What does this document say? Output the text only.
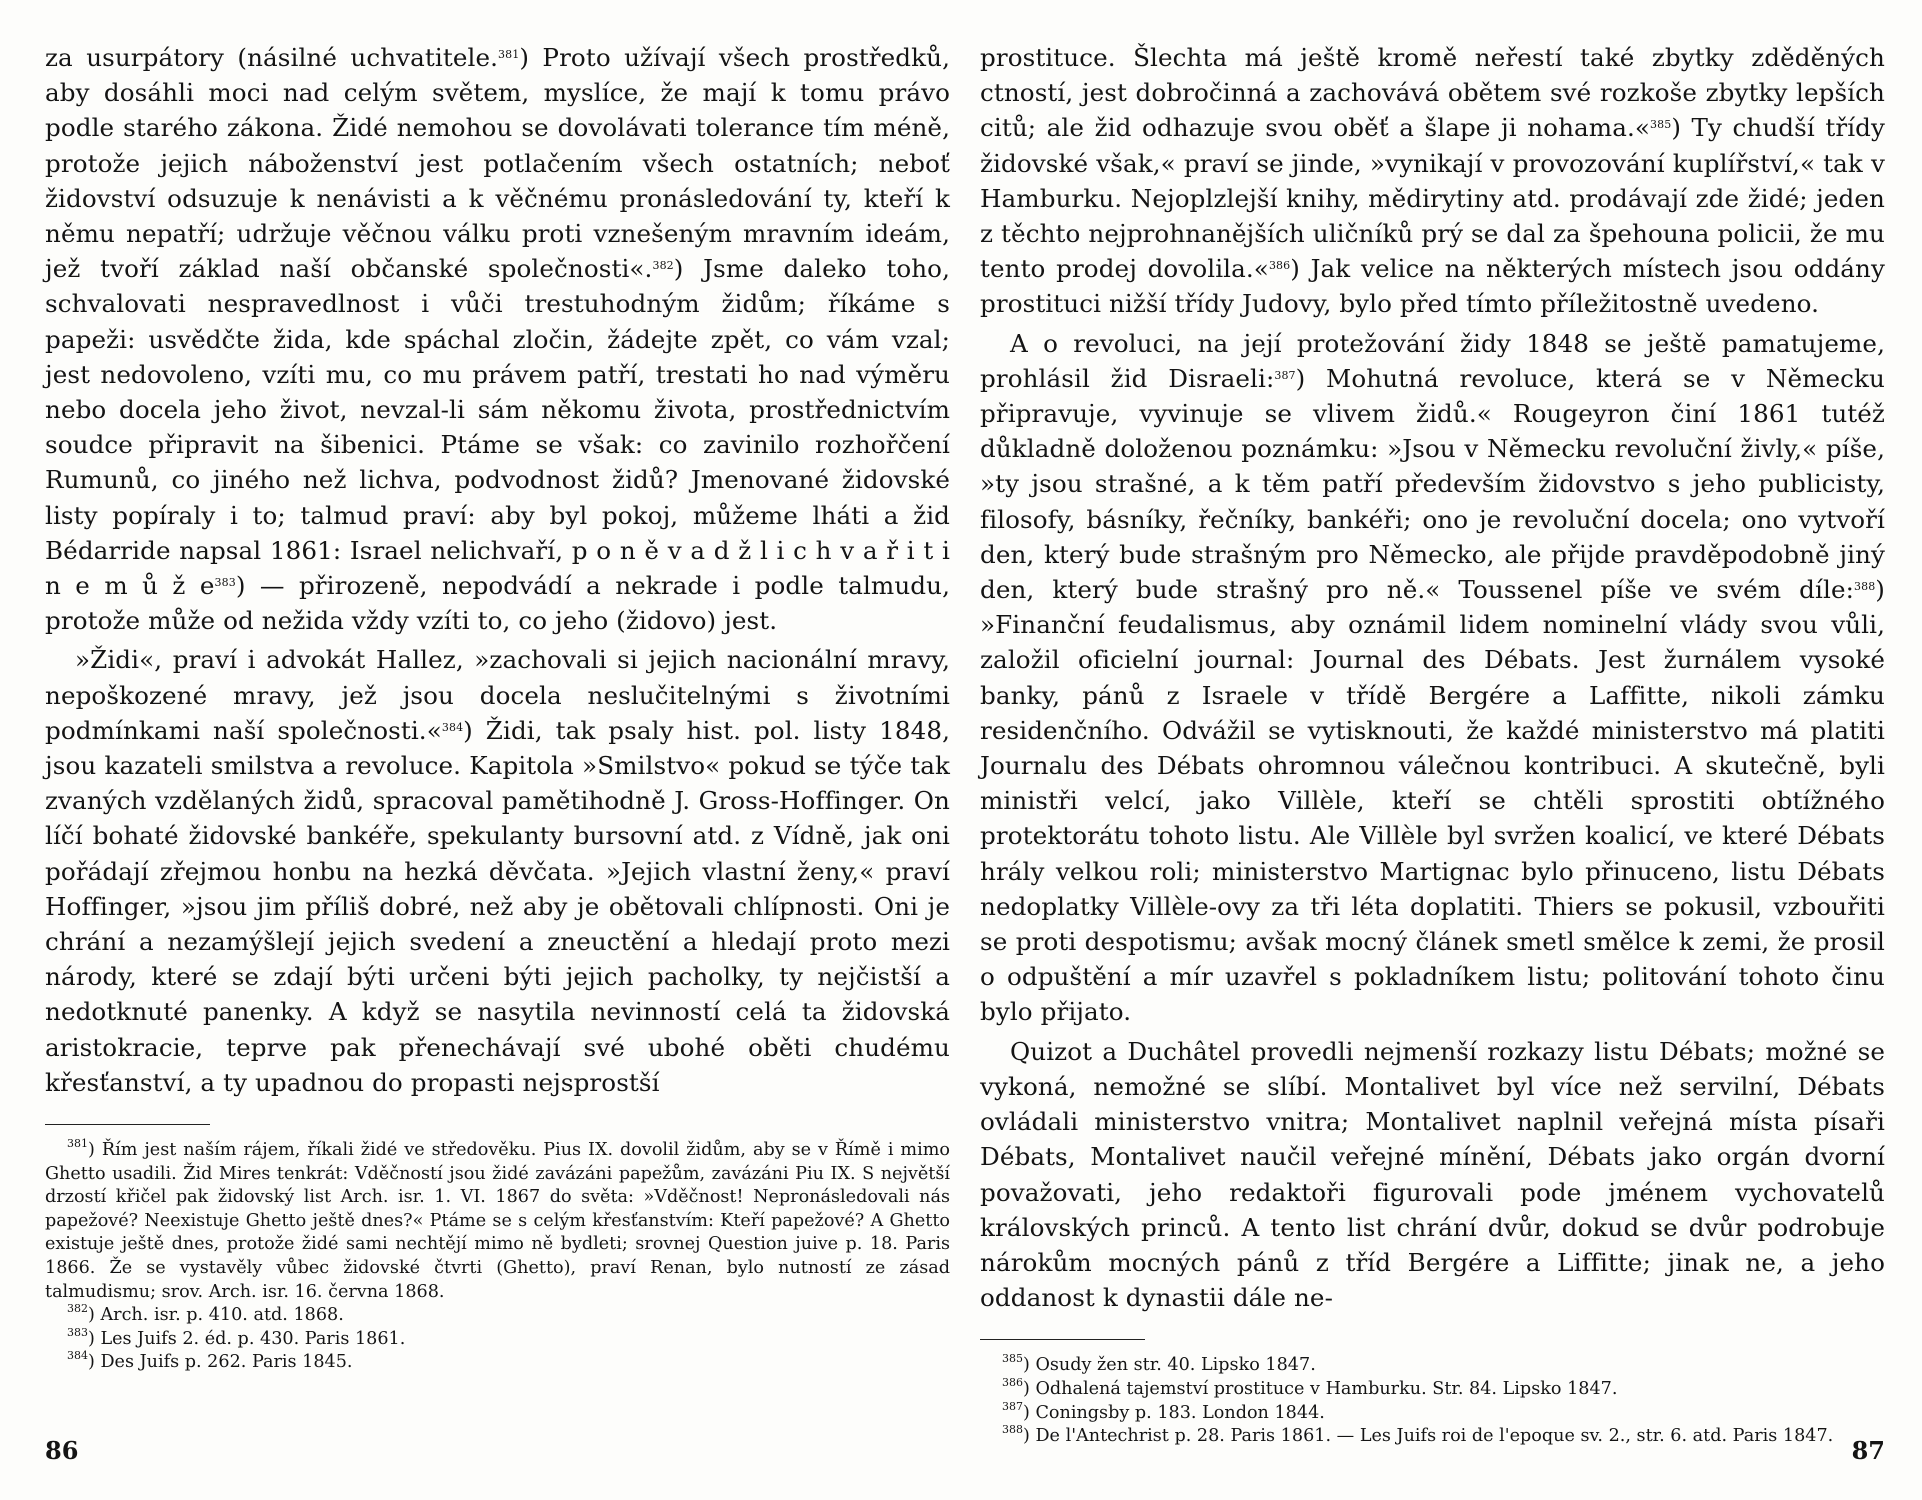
za usurpátory (násilné uchvatitele.$^{381}$) Proto užívají všech prostředků, aby dosáhli moci nad celým světem, myslíce, že mají k tomu právo podle starého zákona. Židé nemohou se dovolávati tolerance tím méně, protože jejich náboženství jest potlačením všech ostatních; neboť židovství odsuzuje k nenávisti a k věčnému pronásledování ty, kteří k němu nepatří; udržuje věčnou válku proti vznešeným mravním ideám, jež tvoří základ naší občanské společnosti«.$^{382}$) Jsme daleko toho, schvalovati nespravedlnost i vůči trestuhodným židům; říkáme s papeži: usvědčte žida, kde spáchal zločin, žádejte zpět, co vám vzal; jest nedovoleno, vzíti mu, co mu právem patří, trestati ho nad výměru nebo docela jeho život, nevzal-li sám někomu života, prostřednictvím soudce připravit na šibenici. Ptáme se však: co zavinilo rozhořčení Rumunů, co jiného než lichva, podvodnost židů? Jmenované židovské listy popíraly i to; talmud praví: aby byl pokoj, můžeme lháti a žid Bédarride napsal 1861: Israel nelichvaří, p o n ě v a d ž l i c h v a ř i t i n e m ů ž $e^{383}$) — přirozeně, nepodvádí a nekrade i podle talmudu, protože může od nežida vždy vzíti to, co jeho (židovo) jest.

»Židi«, praví i advokát Hallez, »zachovali si jejich nacionální mravy, nepoškozené mravy, jež jsou docela neslučitelnými s životními podmínkami naší společnosti.«$^{384}$) Židi, tak psaly hist. pol. listy 1848, jsou kazateli smilstva a revoluce. Kapitola »Smilstvo« pokud se týče tak zvaných vzdělaných židů, spracoval pamětihodně J. Gross-Hoffinger. On líčí bohaté židovské bankéře, spekulanty bursovní atd. z Vídně, jak oni pořádají zřejmou honbu na hezká děvčata. »Jejich vlastní ženy,« praví Hoffinger, »jsou jim příliš dobré, než aby je obětovali chlípnosti. Oni je chrání a nezamýšlejí jejich svedení a zneuctění a hledají proto mezi národy, které se zdají býti určeni býti jejich pacholky, ty nejčistší a nedotknuté panenky. A když se nasytila nevinností celá ta židovská aristokracie, teprve pak přenechávají své ubohé oběti chudému křesťanství, a ty upadnou do propasti nejsprostší

$^{381}$) Řím jest naším rájem, říkali židé ve středověku. Pius IX. dovolil židům, aby se v Římě i mimo Ghetto usadili. Žid Mires tenkrát: Vděčností jsou židé zavázáni papežům, zavázáni Piu IX. S největší drzostí křičel pak židovský list Arch. isr. 1. VI. 1867 do světa: »Vděčnost! Nepronásledovali nás papežové? Neexistuje Ghetto ještě dnes?« Ptáme se s celým křesťanstvím: Kteří papežové? A Ghetto existuje ještě dnes, protože židé sami nechtějí mimo ně bydleti; srovnej Question juive p. 18. Paris 1866. Že se vystavěly vůbec židovské čtvrti (Ghetto), praví Renan, bylo nutností ze zásad talmudismu; srov. Arch. isr. 16. června 1868.

$^{382}$) Arch. isr. p. 410. atd. 1868.

$^{383}$) Les Juifs 2. éd. p. 430. Paris 1861.

$^{384}$) Des Juifs p. 262. Paris 1845.

86

prostituce. Šlechta má ještě kromě neřestí také zbytky zděděných ctností, jest dobročinná a zachovává obětem své rozkoše zbytky lepších citů; ale žid odhazuje svou oběť a šlape ji nohama.«$^{385}$) Ty chudší třídy židovské však,« praví se jinde, »vynikají v provozování kuplířství,« tak v Hamburku. Nejoplzlejší knihy, mědirytiny atd. prodávají zde židé; jeden z těchto nejprohnanějších uličníků prý se dal za špehouna policii, že mu tento prodej dovolila.«$^{386}$) Jak velice na některých místech jsou oddány prostituci nižší třídy Judovy, bylo před tímto příležitostně uvedeno.

A o revoluci, na její protežování židy 1848 se ještě pamatujeme, prohlásil žid Disraeli:$^{387}$) Mohutná revoluce, která se v Německu připravuje, vyvinuje se vlivem židů.« Rougeyron činí 1861 tutéž důkladně doloženou poznámku: »Jsou v Německu revoluční živly,« píše, »ty jsou strašné, a k těm patří především židovstvo s jeho publicisty, filosofy, básníky, řečníky, bankéři; ono je revoluční docela; ono vytvoří den, který bude strašným pro Německo, ale přijde pravděpodobně jiný den, který bude strašný pro ně.« Toussenel píše ve svém díle:$^{388}$) »Finanční feudalismus, aby oznámil lidem nominelní vlády svou vůli, založil oficielní journal: Journal des Débats. Jest žurnálem vysoké banky, pánů z Israele v třídě Bergére a Laffitte, nikoli zámku residenčního. Odvážil se vytisknouti, že každé ministerstvo má platiti Journalu des Débats ohromnou válečnou kontribuci. A skutečně, byli ministři velcí, jako Villèle, kteří se chtěli sprostiti obtížného protektorátu tohoto listu. Ale Villèle byl svržen koalicí, ve které Débats hrály velkou roli; ministerstvo Martignac bylo přinuceno, listu Débats nedoplatky Villèle-ovy za tři léta doplatiti. Thiers se pokusil, vzbouřiti se proti despotismu; avšak mocný článek smetl smělce k zemi, že prosil o odpuštění a mír uzavřel s pokladníkem listu; politování tohoto činu bylo přijato.

Quizot a Duchâtel provedli nejmenší rozkazy listu Débats; možné se vykoná, nemožné se slíbí. Montalivet byl více než servilní, Débats ovládali ministerstvo vnitra; Montalivet naplnil veřejná místa písaři Débats, Montalivet naučil veřejné mínění, Débats jako orgán dvorní považovati, jeho redaktoři figurovali pode jménem vychovatelů královských princů. A tento list chrání dvůr, dokud se dvůr podrobuje nárokům mocných pánů z tříd Bergére a Liffitte; jinak ne, a jeho oddanost k dynastii dále ne-

$^{385}$) Osudy žen str. 40. Lipsko 1847.

$^{386}$) Odhalená tajemství prostituce v Hamburku. Str. 84. Lipsko 1847.

$^{387}$) Coningsby p. 183. London 1844.

$^{388}$) De l'Antechrist p. 28. Paris 1861. — Les Juifs roi de l'epoque sv. 2., str. 6. atd. Paris 1847. 87
